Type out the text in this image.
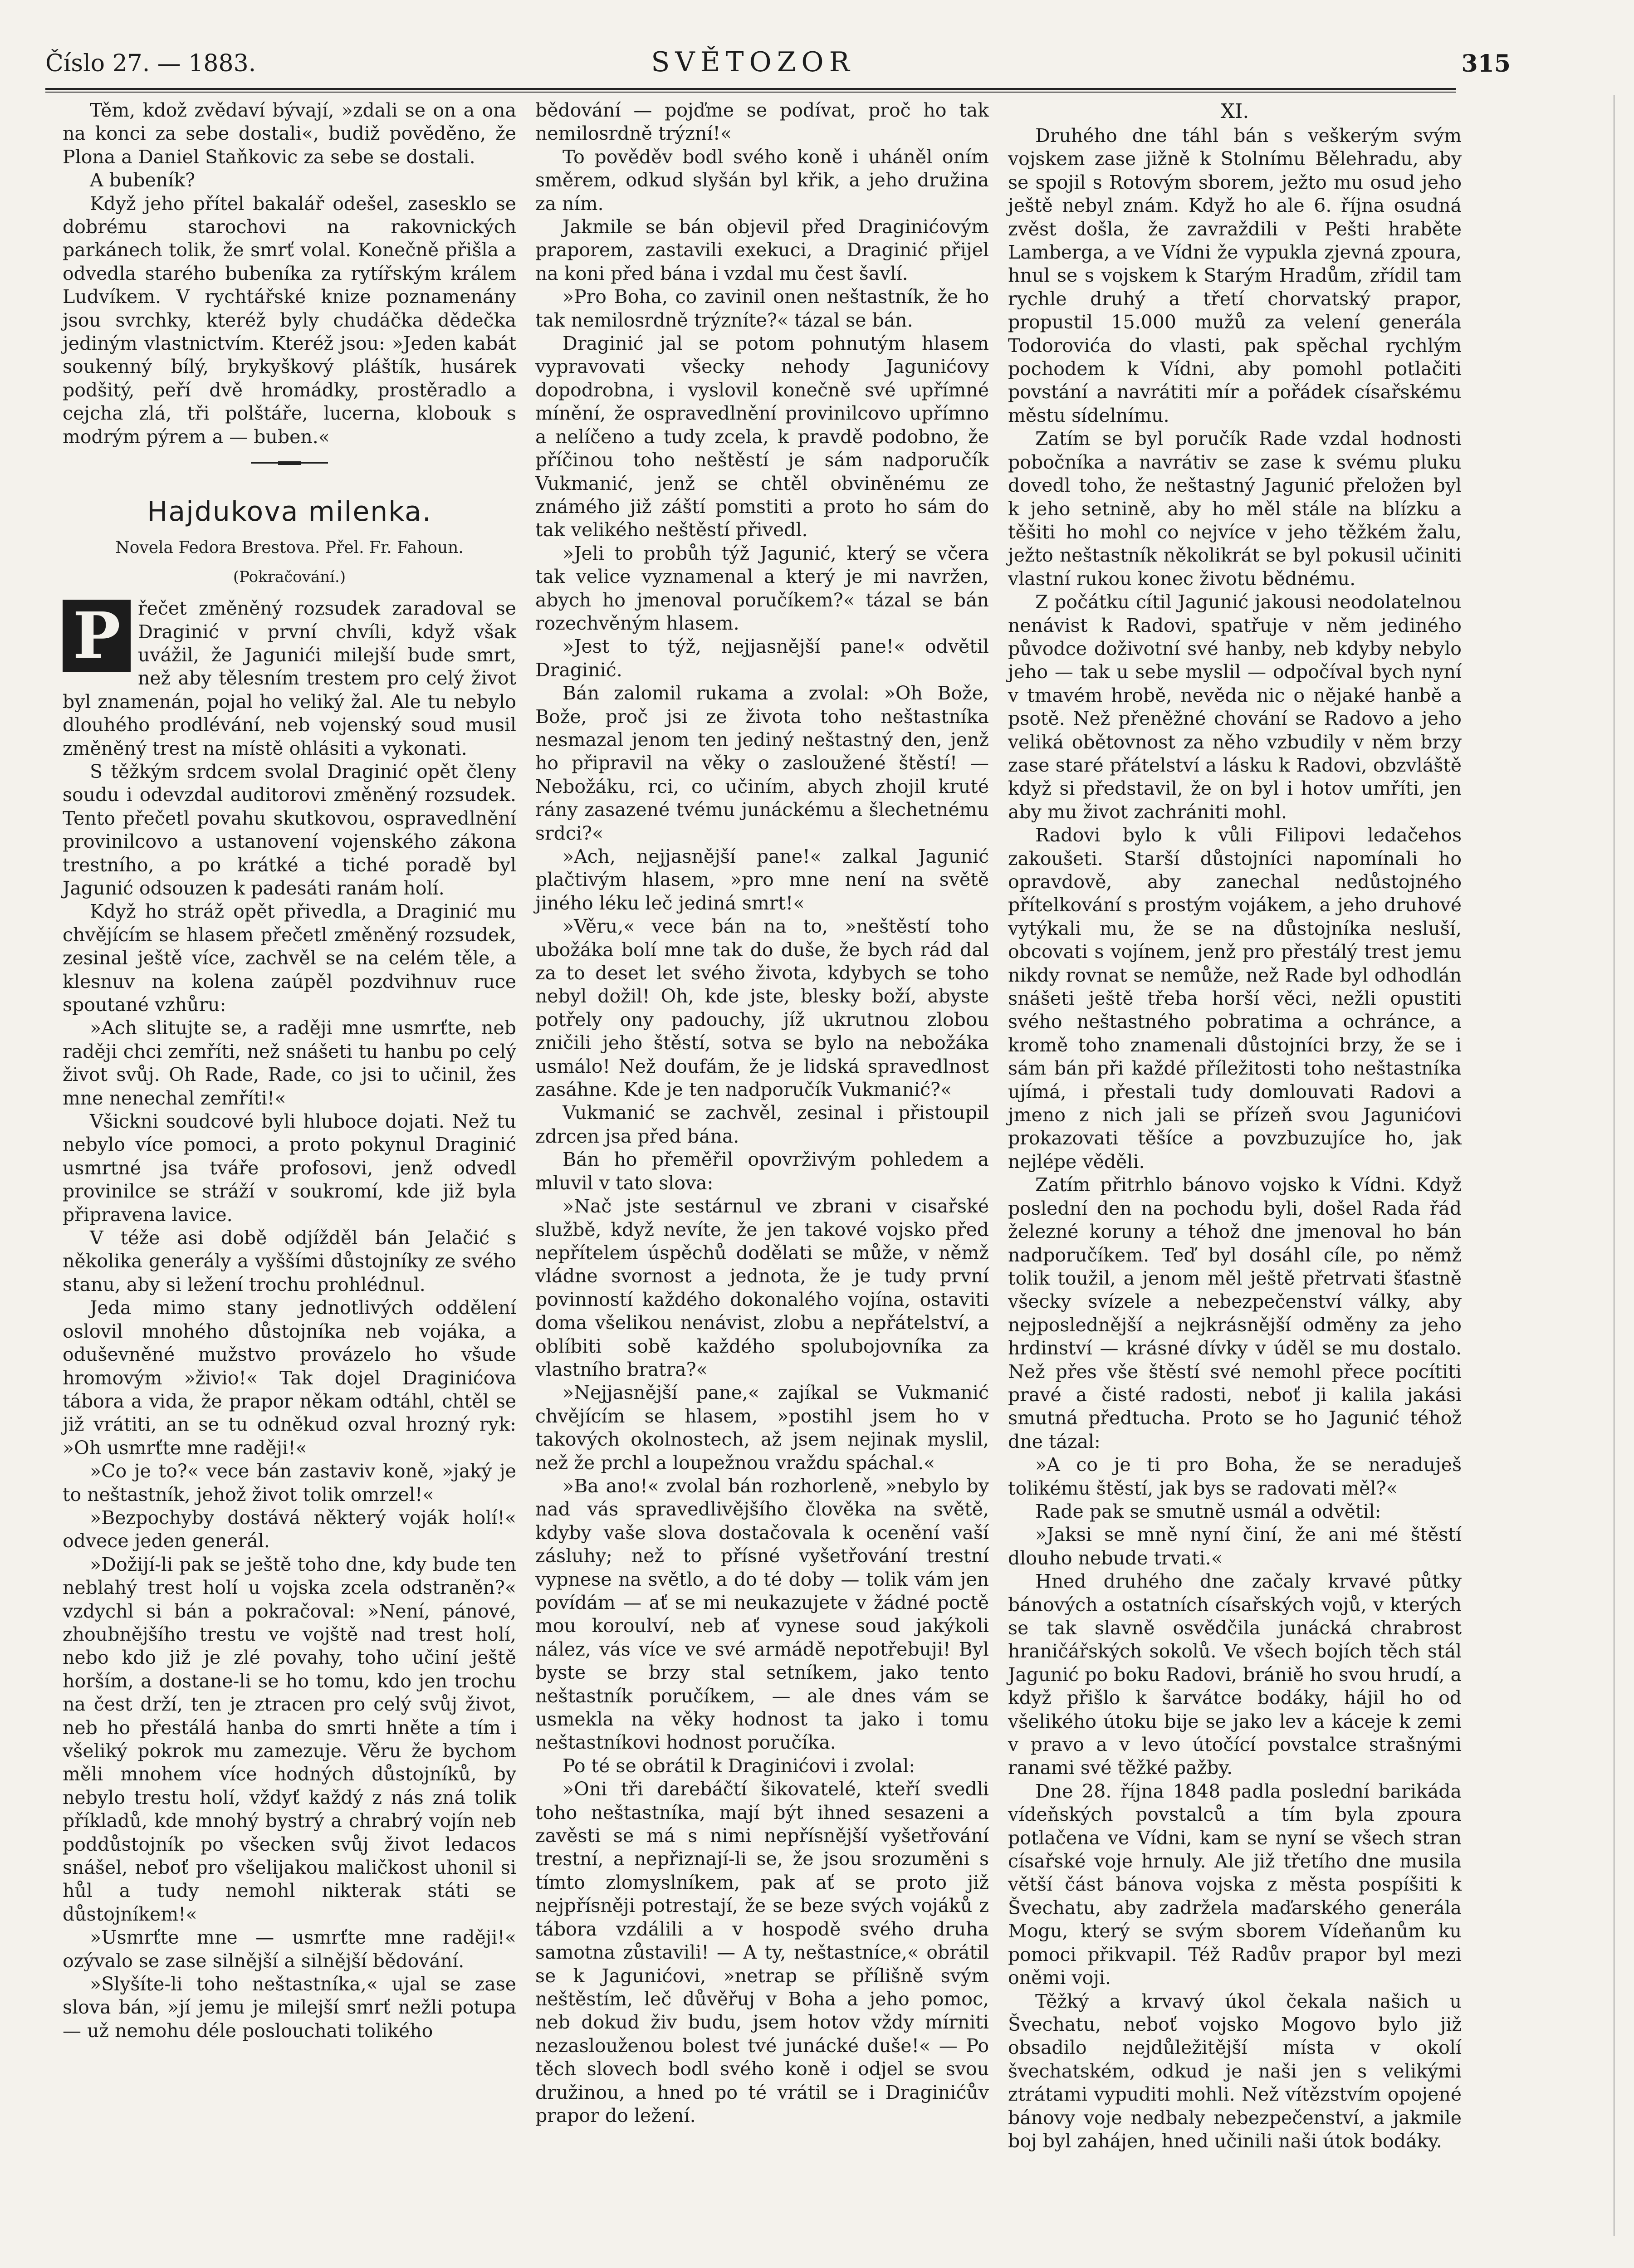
Číslo 27. — 1883.	SVĚTOZOR	315

Těm, kdož zvědaví bývají, »zdali se on a ona na konci za sebe dostali«, budiž pověděno, že Plona a Daniel Staňkovic za sebe se dostali.

A bubeník?

Když jeho přítel bakalář odešel, zasesklo se dobrému starochovi na rakovnických parkánech tolik, že smrť volal. Konečně přišla a odvedla starého bubeníka za rytířským králem Ludvíkem. V rychtářské knize poznamenány jsou svrchky, kteréž byly chudáčka dědečka jediným vlastnictvím. Kteréž jsou: »Jeden kabát soukenný bílý, brykyškový pláštík, husárek podšitý, peří dvě hromádky, prostěradlo a cejcha zlá, tři polštáře, lucerna, klobouk s modrým pýrem a — buben.«

Hajdukova milenka.
Novela Fedora Brestova. Přel. Fr. Fahoun.
(Pokračování.)

P řečet změněný rozsudek zaradoval se Draginić v první chvíli, když však uvážil, že Jagunići milejší bude smrt, než aby tělesním trestem pro celý život byl znamenán, pojal ho veliký žal. Ale tu nebylo dlouhého prodlévání, neb vojenský soud musil změněný trest na místě ohlásiti a vykonati.

S těžkým srdcem svolal Draginić opět členy soudu i odevzdal auditorovi změněný rozsudek. Tento přečetl povahu skutkovou, ospravedlnění provinilcovo a ustanovení vojenského zákona trestního, a po krátké a tiché poradě byl Jagunić odsouzen k padesáti ranám holí.

Když ho stráž opět přivedla, a Draginić mu chvějícím se hlasem přečetl změněný rozsudek, zesinal ještě více, zachvěl se na celém těle, a klesnuv na kolena zaúpěl pozdvihnuv ruce spoutané vzhůru:

»Ach slitujte se, a raději mne usmrťte, neb raději chci zemříti, než snášeti tu hanbu po celý život svůj. Oh Rade, Rade, co jsi to učinil, žes mne nenechal zemříti!«

Všickni soudcové byli hluboce dojati. Než tu nebylo více pomoci, a proto pokynul Draginić usmrtné jsa tváře profosovi, jenž odvedl provinilce se stráží v soukromí, kde již byla připravena lavice.

V téže asi době odjížděl bán Jelačić s několika generály a vyššími důstojníky ze svého stanu, aby si ležení trochu prohlédnul.

Jeda mimo stany jednotlivých oddělení oslovil mnohého důstojníka neb vojáka, a oduševněné mužstvo provázelo ho všude hromovým »živio!« Tak dojel Draginićova tábora a vida, že prapor někam odtáhl, chtěl se již vrátiti, an se tu odněkud ozval hrozný ryk: »Oh usmrťte mne raději!«

»Co je to?« vece bán zastaviv koně, »jaký je to neštastník, jehož život tolik omrzel!«

»Bezpochyby dostává některý voják holí!« odvece jeden generál.

»Dožijí-li pak se ještě toho dne, kdy bude ten neblahý trest holí u vojska zcela odstraněn?« vzdychl si bán a pokračoval: »Není, pánové, zhoubnějšího trestu ve vojště nad trest holí, nebo kdo již je zlé povahy, toho učiní ještě horším, a dostane-li se ho tomu, kdo jen trochu na čest drží, ten je ztracen pro celý svůj život, neb ho přestálá hanba do smrti hněte a tím i všeliký pokrok mu zamezuje. Věru že bychom měli mnohem více hodných důstojníků, by nebylo trestu holí, vždyť každý z nás zná tolik příkladů, kde mnohý bystrý a chrabrý vojín neb poddůstojník po všecken svůj život ledacos snášel, neboť pro všelijakou maličkost uhonil si hůl a tudy nemohl nikterak státi se důstojníkem!«

»Usmrťte mne — usmrťte mne raději!« ozývalo se zase silnější a silnější bědování.

»Slyšíte-li toho neštastníka,« ujal se zase slova bán, »jí jemu je milejší smrť nežli potupa — už nemohu déle poslouchati tolikého

bědování — pojďme se podívat, proč ho tak nemilosrdně trýzní!«

To pověděv bodl svého koně i uháněl oním směrem, odkud slyšán byl křik, a jeho družina za ním.

Jakmile se bán objevil před Draginićovým praporem, zastavili exekuci, a Draginić přijel na koni před bána i vzdal mu čest šavlí.

»Pro Boha, co zavinil onen neštastník, že ho tak nemilosrdně trýzníte?« tázal se bán.

Draginić jal se potom pohnutým hlasem vypravovati všecky nehody Jagunićovy dopodrobna, i vyslovil konečně své upřímné mínění, že ospravedlnění provinilcovo upřímno a nelíčeno a tudy zcela, k pravdě podobno, že příčinou toho neštěstí je sám nadporučík Vukmanić, jenž se chtěl obviněnému ze známého již záští pomstiti a proto ho sám do tak velikého neštěstí přivedl.

»Jeli to probůh týž Jagunić, který se včera tak velice vyznamenal a který je mi navržen, abych ho jmenoval poručíkem?« tázal se bán rozechvěným hlasem.

»Jest to týž, nejjasnější pane!« odvětil Draginić.

Bán zalomil rukama a zvolal: »Oh Bože, Bože, proč jsi ze života toho neštastníka nesmazal jenom ten jediný neštastný den, jenž ho připravil na věky o zasloužené štěstí! — Nebožáku, rci, co učiním, abych zhojil kruté rány zasazené tvému junáckému a šlechetnému srdci?«

»Ach, nejjasnější pane!« zalkal Jagunić plačtivým hlasem, »pro mne není na světě jiného léku leč jediná smrt!«

»Věru,« vece bán na to, »neštěstí toho ubožáka bolí mne tak do duše, že bych rád dal za to deset let svého života, kdybych se toho nebyl dožil! Oh, kde jste, blesky boží, abyste potřely ony padouchy, jíž ukrutnou zlobou zničili jeho štěstí, sotva se bylo na nebožáka usmálo! Než doufám, že je lidská spravedlnost zasáhne. Kde je ten nadporučík Vukmanić?«

Vukmanić se zachvěl, zesinal i přistoupil zdrcen jsa před bána.

Bán ho přeměřil opovrživým pohledem a mluvil v tato slova:

»Nač jste sestárnul ve zbrani v cisařské službě, když nevíte, že jen takové vojsko před nepřítelem úspěchů dodělati se může, v němž vládne svornost a jednota, že je tudy první povinností každého dokonalého vojína, ostaviti doma všelikou nenávist, zlobu a nepřátelství, a oblíbiti sobě každého spolubojovníka za vlastního bratra?«

»Nejjasnější pane,« zajíkal se Vukmanić chvějícím se hlasem, »postihl jsem ho v takových okolnostech, až jsem nejinak myslil, než že prchl a loupežnou vraždu spáchal.«

»Ba ano!« zvolal bán rozhorleně, »nebylo by nad vás spravedlivějšího člověka na světě, kdyby vaše slova dostačovala k ocenění vaší zásluhy; než to přísné vyšetřování trestní vypnese na světlo, a do té doby — tolik vám jen povídám — ať se mi neukazujete v žádné poctě mou koroulví, neb ať vynese soud jakýkoli nález, vás více ve své armádě nepotřebuji! Byl byste se brzy stal setníkem, jako tento neštastník poručíkem, — ale dnes vám se usmekla na věky hodnost ta jako i tomu neštastníkovi hodnost poručíka.

Po té se obrátil k Draginićovi i zvolal:

»Oni tři darebáčtí šikovatelé, kteří svedli toho neštastníka, mají být ihned sesazeni a zavěsti se má s nimi nepřísnější vyšetřování trestní, a nepřiznají-li se, že jsou srozuměni s tímto zlomyslníkem, pak ať se proto již nejpřísněji potrestají, že se beze svých vojáků z tábora vzdálili a v hospodě svého druha samotna zůstavili! — A ty, neštastníce,« obrátil se k Jagunićovi, »netrap se přílišně svým neštěstím, leč důvěřuj v Boha a jeho pomoc, neb dokud živ budu, jsem hotov vždy mírniti nezaslouženou bolest tvé junácké duše!« — Po těch slovech bodl svého koně i odjel se svou družinou, a hned po té vrátil se i Draginićův prapor do ležení.

XI.

Druhého dne táhl bán s veškerým svým vojskem zase jižně k Stolnímu Bělehradu, aby se spojil s Rotovým sborem, ježto mu osud jeho ještě nebyl znám. Když ho ale 6. října osudná zvěst došla, že zavraždili v Pešti hraběte Lamberga, a ve Vídni že vypukla zjevná zpoura, hnul se s vojskem k Starým Hradům, zřídil tam rychle druhý a třetí chorvatský prapor, propustil 15.000 mužů za velení generála Todorovića do vlasti, pak spěchal rychlým pochodem k Vídni, aby pomohl potlačiti povstání a navrátiti mír a pořádek císařskému městu sídelnímu.

Zatím se byl poručík Rade vzdal hodnosti pobočníka a navrátiv se zase k svému pluku dovedl toho, že neštastný Jagunić přeložen byl k jeho setnině, aby ho měl stále na blízku a těšiti ho mohl co nejvíce v jeho těžkém žalu, ježto neštastník několikrát se byl pokusil učiniti vlastní rukou konec životu bědnému.

Z počátku cítil Jagunić jakousi neodolatelnou nenávist k Radovi, spatřuje v něm jediného původce doživotní své hanby, neb kdyby nebylo jeho — tak u sebe myslil — odpočíval bych nyní v tmavém hrobě, nevěda nic o nějaké hanbě a psotě. Než přeněžné chování se Radovo a jeho veliká obětovnost za něho vzbudily v něm brzy zase staré přátelství a lásku k Radovi, obzvláště když si představil, že on byl i hotov umříti, jen aby mu život zachrániti mohl.

Radovi bylo k vůli Filipovi ledačehos zakoušeti. Starší důstojníci napomínali ho opravdově, aby zanechal nedůstojného přítelkování s prostým vojákem, a jeho druhové vytýkali mu, že se na důstojníka nesluší, obcovati s vojínem, jenž pro přestálý trest jemu nikdy rovnat se nemůže, než Rade byl odhodlán snášeti ještě třeba horší věci, nežli opustiti svého neštastného pobratima a ochránce, a kromě toho znamenali důstojníci brzy, že se i sám bán při každé příležitosti toho neštastníka ujímá, i přestali tudy domlouvati Radovi a jmeno z nich jali se přízeň svou Jagunićovi prokazovati těšíce a povzbuzujíce ho, jak nejlépe věděli.

Zatím přitrhlo bánovo vojsko k Vídni. Když poslední den na pochodu byli, došel Rada řád železné koruny a téhož dne jmenoval ho bán nadporučíkem. Teď byl dosáhl cíle, po němž tolik toužil, a jenom měl ještě přetrvati šťastně všecky svízele a nebezpečenství války, aby nejposlednější a nejkrásnější odměny za jeho hrdinství — krásné dívky v úděl se mu dostalo. Než přes vše štěstí své nemohl přece pocítiti pravé a čisté radosti, neboť ji kalila jakási smutná předtucha. Proto se ho Jagunić téhož dne tázal:

»A co je ti pro Boha, že se neraduješ tolikému štěstí, jak bys se radovati měl?«

Rade pak se smutně usmál a odvětil:

»Jaksi se mně nyní činí, že ani mé štěstí dlouho nebude trvati.«

Hned druhého dne začaly krvavé půtky bánových a ostatních císařských vojů, v kterých se tak slavně osvědčila junácká chrabrost hraničářských sokolů. Ve všech bojích těch stál Jagunić po boku Radovi, brániě ho svou hrudí, a když přišlo k šarvátce bodáky, hájil ho od všelikého útoku bije se jako lev a káceje k zemi v pravo a v levo útočící povstalce strašnými ranami své těžké pažby.

Dne 28. října 1848 padla poslední barikáda vídeňských povstalců a tím byla zpoura potlačena ve Vídni, kam se nyní se všech stran císařské voje hrnuly. Ale již třetího dne musila větší část bánova vojska z města pospíšiti k Švechatu, aby zadržela maďarského generála Mogu, který se svým sborem Vídeňanům ku pomoci přikvapil. Též Radův prapor byl mezi oněmi voji.

Těžký a krvavý úkol čekala našich u Švechatu, neboť vojsko Mogovo bylo již obsadilo nejdůležitější místa v okolí švechatském, odkud je naši jen s velikými ztrátami vypuditi mohli. Než vítězstvím opojené bánovy voje nedbaly nebezpečenství, a jakmile boj byl zahájen, hned učinili naši útok bodáky.
